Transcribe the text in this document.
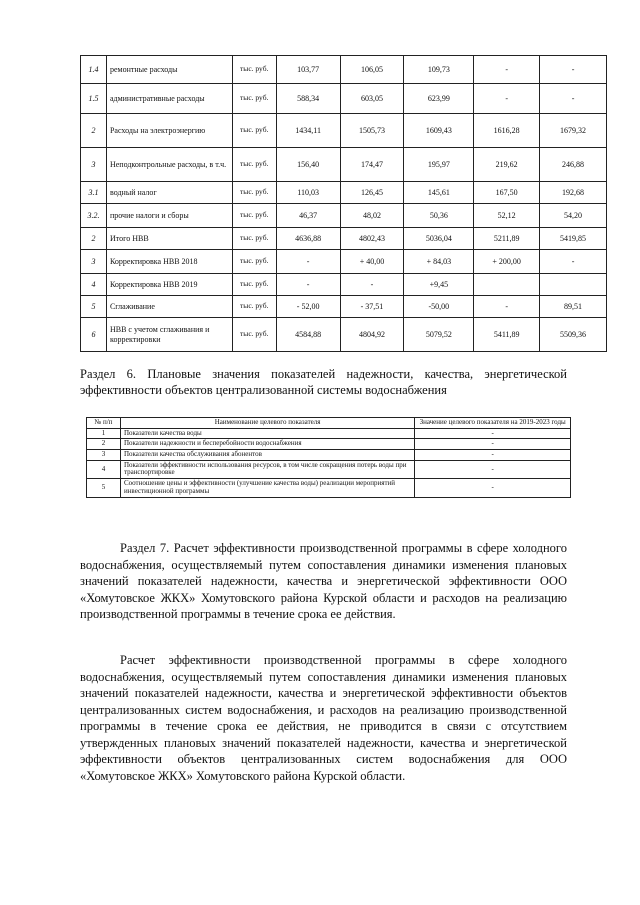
1.4	ремонтные расходы	тыс. руб.	103,77	106,05	109,73	-	-
1.5	административные расходы	тыс. руб.	588,34	603,05	623,99	-	-
2	Расходы на электроэнергию	тыс. руб.	1434,11	1505,73	1609,43	1616,28	1679,32
3	Неподконтрольные расходы, в т.ч.	тыс. руб.	156,40	174,47	195,97	219,62	246,88
3.1	водный налог	тыс. руб.	110,03	126,45	145,61	167,50	192,68
3.2.	прочие налоги и сборы	тыс. руб.	46,37	48,02	50,36	52,12	54,20
2	Итого НВВ	тыс. руб.	4636,88	4802,43	5036,04	5211,89	5419,85
3	Корректировка НВВ 2018	тыс. руб.	-	+ 40,00	+ 84,03	+ 200,00	-
4	Корректировка НВВ 2019	тыс. руб.	-	-	+9,45		
5	Сглаживание	тыс. руб.	- 52,00	- 37,51	-50,00	-	89,51
6	НВВ с учетом сглаживания и корректировки	тыс. руб.	4584,88	4804,92	5079,52	5411,89	5509,36
Раздел 6. Плановые значения показателей надежности, качества, энергетической эффективности объектов централизованной системы водоснабжения
№ п/п	Наименование целевого показателя	Значение целевого показателя на 2019-2023 годы
1	Показатели качества воды	-
2	Показатели надежности и бесперебойности водоснабжения	-
3	Показатели качества обслуживания абонентов	-
4	Показатели эффективности использования ресурсов, в том числе сокращения потерь воды при транспортировке	-
5	Соотношение цены и эффективности (улучшение качества воды) реализации мероприятий инвестиционной программы	-
Раздел 7. Расчет эффективности производственной программы в сфере холодного водоснабжения, осуществляемый путем сопоставления динамики изменения плановых значений показателей надежности, качества и энергетической эффективности ООО «Хомутовское ЖКХ» Хомутовского района Курской области и расходов на реализацию производственной программы в течение срока ее действия.
Расчет эффективности производственной программы в сфере холодного водоснабжения, осуществляемый путем сопоставления динамики изменения плановых значений показателей надежности, качества и энергетической эффективности объектов централизованных систем водоснабжения, и расходов на реализацию производственной программы в течение срока ее действия, не приводится в связи с отсутствием утвержденных плановых значений показателей надежности, качества и энергетической эффективности объектов централизованных систем водоснабжения для ООО «Хомутовское ЖКХ» Хомутовского района Курской области.
